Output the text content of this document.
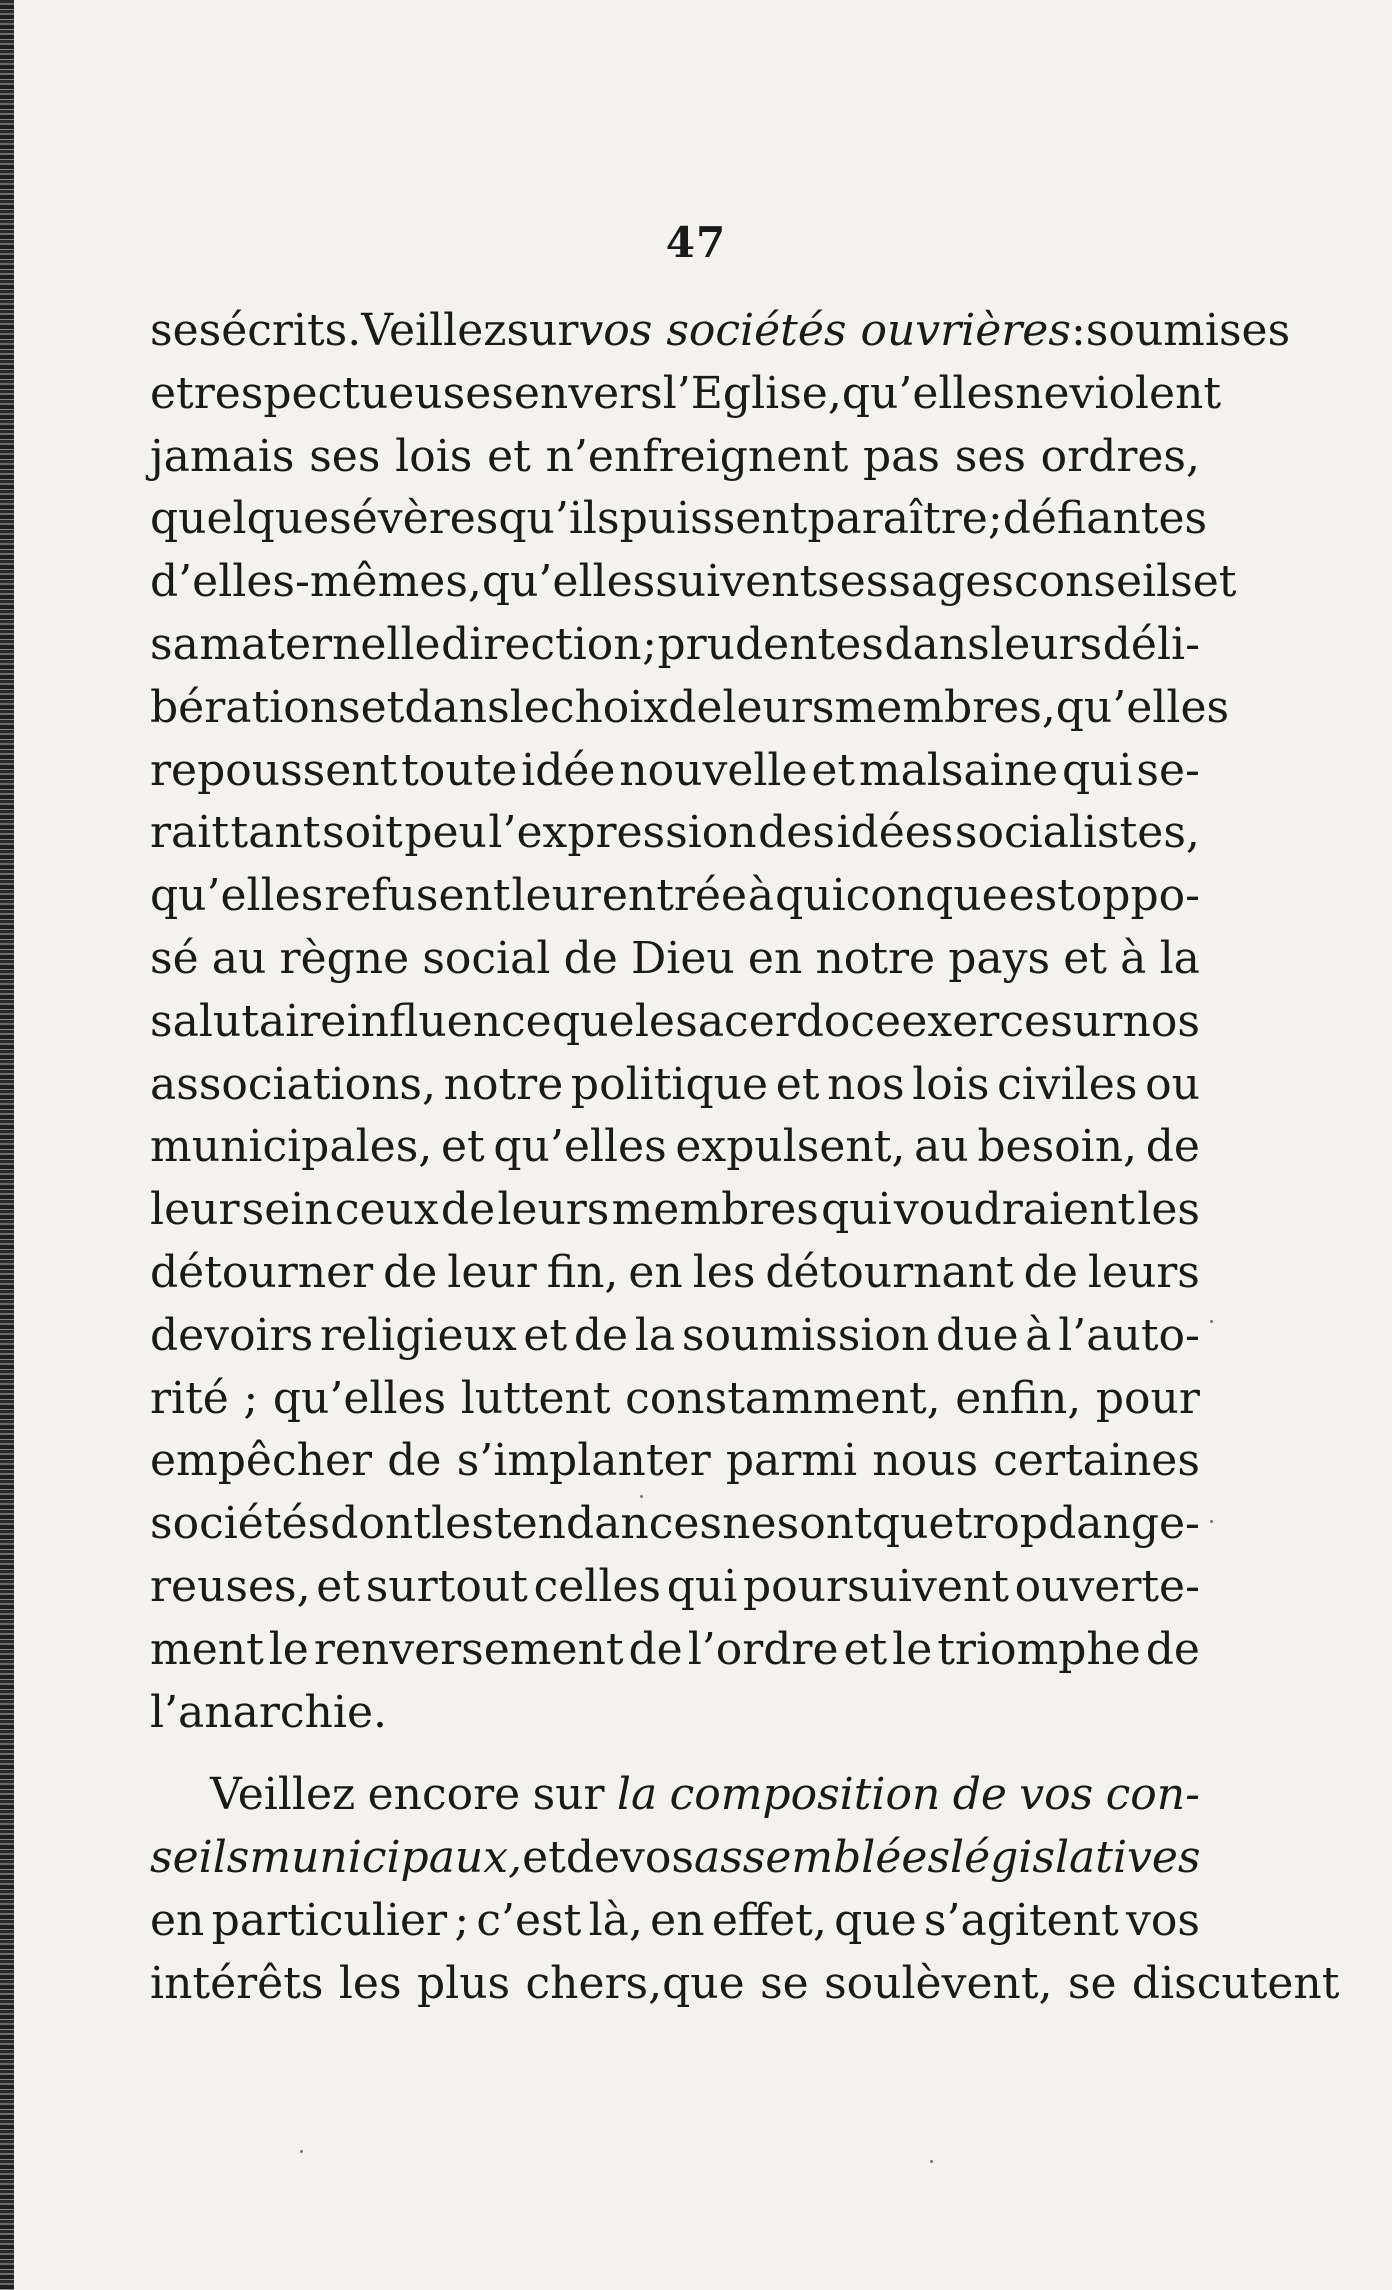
47
ses écrits. Veillez sur vos sociétés ouvrières : soumises
et respectueuses envers l’Eglise, qu’elles ne violent
jamais ses lois et n’enfreignent pas ses ordres,
quelque sévères qu’ils puissent paraître ; défiantes
d’elles-mêmes, qu’elles suivent ses sages conseils et
sa maternelle direction ; prudentes dans leurs déli-
bérations et dans le choix de leurs membres, qu’elles
repoussent toute idée nouvelle et malsaine qui se-
rait tant soit peu l’expression des idées socialistes,
qu’elles refusent leur entrée à quiconque est oppo-
sé au règne social de Dieu en notre pays et à la
salutaire influence que le sacerdoce exerce sur nos
associations, notre politique et nos lois civiles ou
municipales, et qu’elles expulsent, au besoin, de
leur sein ceux de leurs membres qui voudraient les
détourner de leur fin, en les détournant de leurs
devoirs religieux et de la soumission due à l’auto-
rité ; qu’elles luttent constamment, enfin, pour
empêcher de s’implanter parmi nous certaines
sociétés dont les tendances ne sont que trop dange-
reuses, et surtout celles qui poursuivent ouverte-
ment le renversement de l’ordre et le triomphe de
l’anarchie.
Veillez encore sur la composition de vos con-
seils municipaux, et de vos assemblées législatives
en particulier ; c’est là, en effet, que s’agitent vos
intérêts les plus chers,que se soulèvent, se discutent
